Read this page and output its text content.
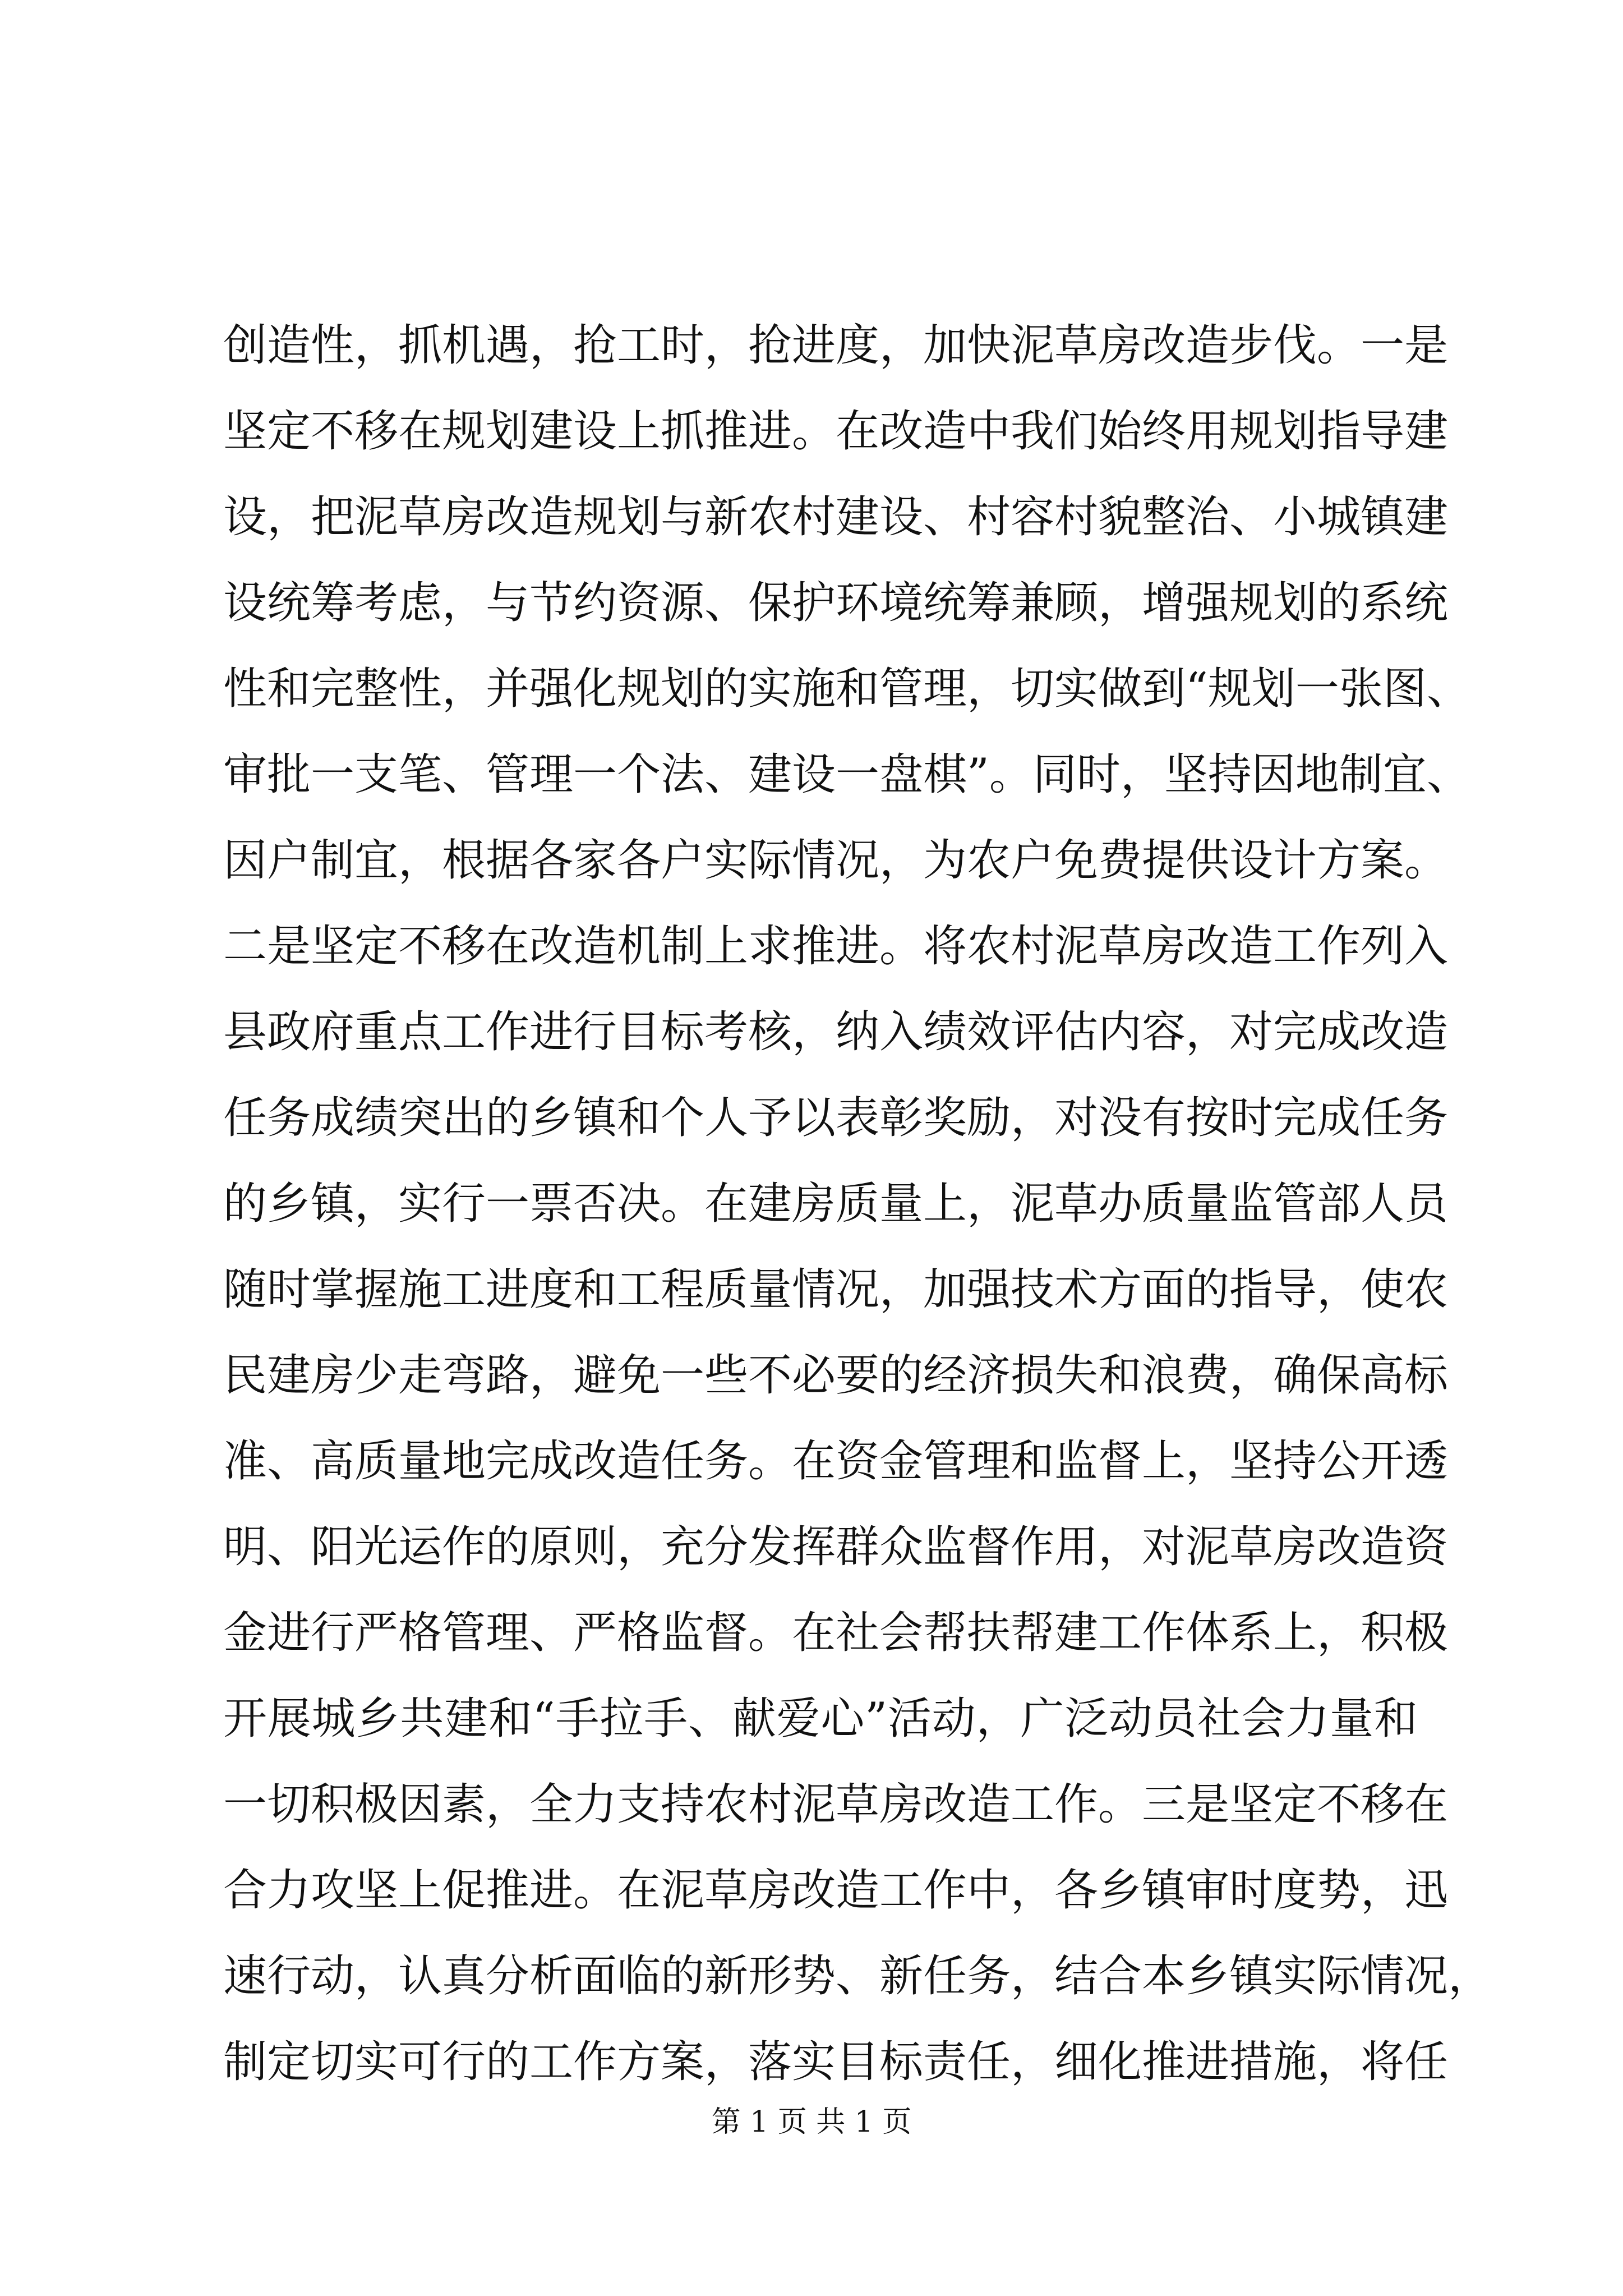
创造性，抓机遇，抢工时，抢进度，加快泥草房改造步伐。一是
坚定不移在规划建设上抓推进。在改造中我们始终用规划指导建
设，把泥草房改造规划与新农村建设、村容村貌整治、小城镇建
设统筹考虑，与节约资源、保护环境统筹兼顾，增强规划的系统
性和完整性，并强化规划的实施和管理，切实做到“规划一张图、
审批一支笔、管理一个法、建设一盘棋”。同时，坚持因地制宜、
因户制宜，根据各家各户实际情况，为农户免费提供设计方案。
二是坚定不移在改造机制上求推进。将农村泥草房改造工作列入
县政府重点工作进行目标考核，纳入绩效评估内容，对完成改造
任务成绩突出的乡镇和个人予以表彰奖励，对没有按时完成任务
的乡镇，实行一票否决。在建房质量上，泥草办质量监管部人员
随时掌握施工进度和工程质量情况，加强技术方面的指导，使农
民建房少走弯路，避免一些不必要的经济损失和浪费，确保高标
准、高质量地完成改造任务。在资金管理和监督上，坚持公开透
明、阳光运作的原则，充分发挥群众监督作用，对泥草房改造资
金进行严格管理、严格监督。在社会帮扶帮建工作体系上，积极
开展城乡共建和“手拉手、献爱心”活动，广泛动员社会力量和
一切积极因素，全力支持农村泥草房改造工作。三是坚定不移在
合力攻坚上促推进。在泥草房改造工作中，各乡镇审时度势，迅
速行动，认真分析面临的新形势、新任务，结合本乡镇实际情况，
制定切实可行的工作方案，落实目标责任，细化推进措施，将任
第 1 页 共 1 页
